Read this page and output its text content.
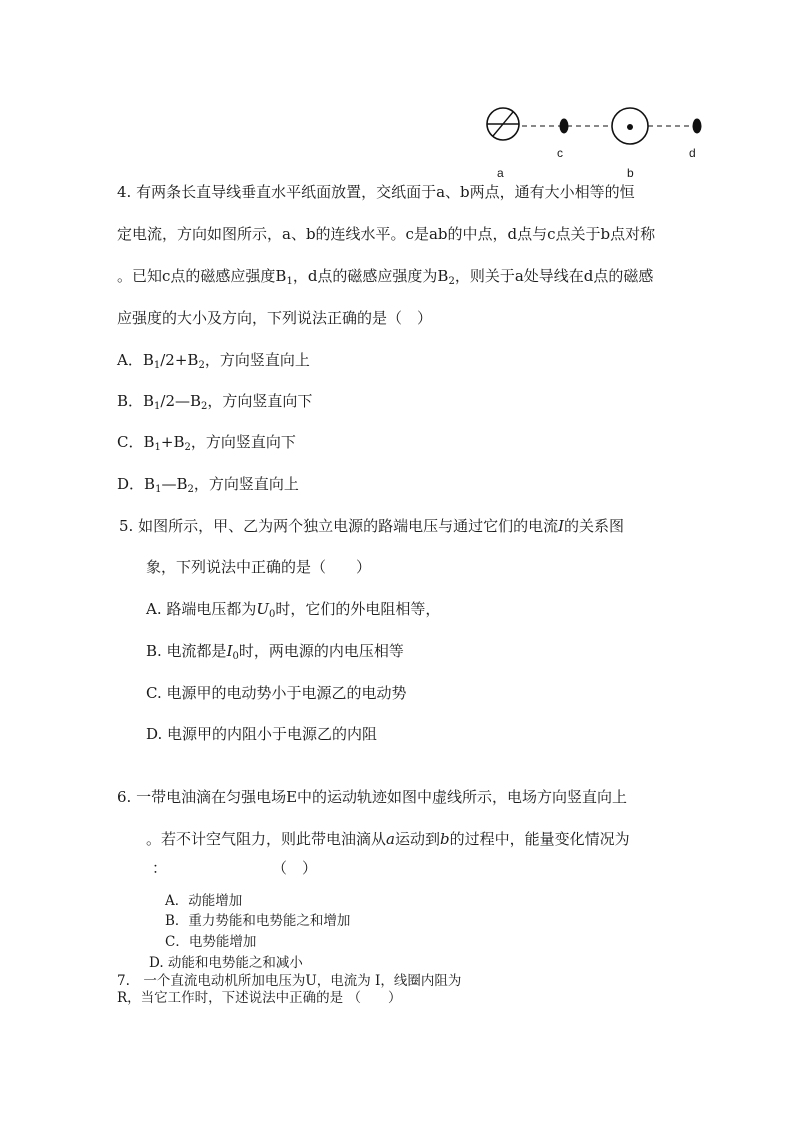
a
c
b
d
4. 有两条长直导线垂直水平纸面放置，交纸面于a、b两点，通有大小相等的恒
定电流，方向如图所示，a、b的连线水平。c是ab的中点，d点与c点关于b点对称
。已知c点的磁感应强度$B_1$，d点的磁感应强度为$B_2$，则关于a处导线在d点的磁感
应强度的大小及方向，下列说法正确的是（　）
A．$B_1/2+B_2$，方向竖直向上
B．$B_1/2—B_2$，方向竖直向下
C．$B_1+B_2$，方向竖直向下
D．$B_1—B_2$，方向竖直向上
5. 如图所示，甲、乙为两个独立电源的路端电压与通过它们的电流I的关系图
象，下列说法中正确的是（　　）
A. 路端电压都为$U_0$时，它们的外电阻相等，
B. 电流都是$I_0$时，两电源的内电压相等
C. 电源甲的电动势小于电源乙的电动势
D. 电源甲的内阻小于电源乙的内阻
6. 一带电油滴在匀强电场E中的运动轨迹如图中虚线所示，电场方向竖直向上
。若不计空气阻力，则此带电油滴从a运动到b的过程中，能量变化情况为
：　　　　　　　　（　）
A．动能增加
B．重力势能和电势能之和增加
C．电势能增加
D. 动能和电势能之和减小
7.　一个直流电动机所加电压为U，电流为 I，线圈内阻为
R，当它工作时，下述说法中正确的是 （　　）
